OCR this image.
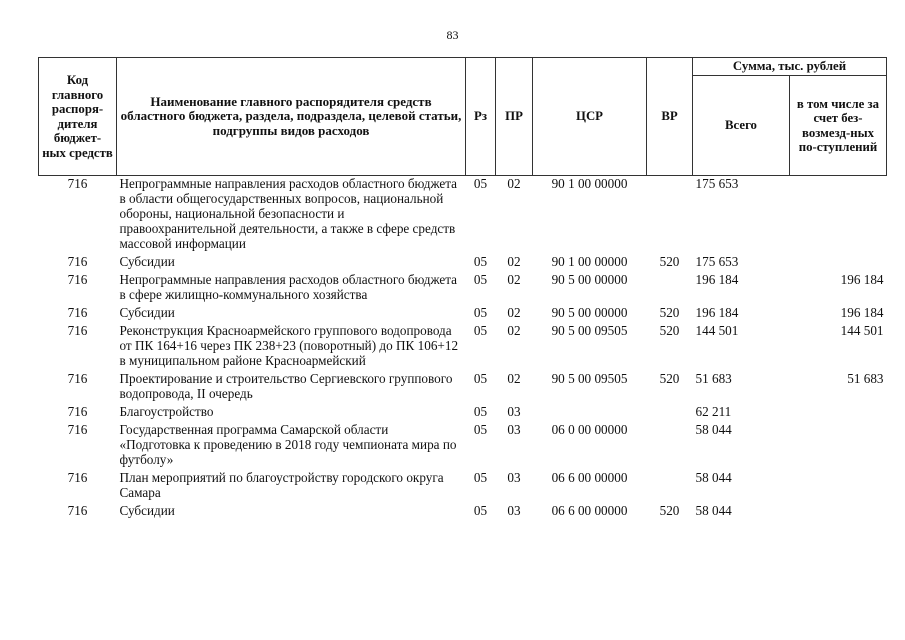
83
Код главного распоря-дителя бюджет-ных средств	Наименование главного распорядителя средств областного бюджета, раздела, подраздела, целевой статьи, подгруппы видов расходов	Рз	ПР	ЦСР	ВР	Сумма, тыс. рублей	
						Всего	в том числе за счет без-возмезд-ных по-ступлений
716	Непрограммные направления расходов областного бюджета в области общегосударственных вопросов, национальной обороны, национальной безопасности и правоохранительной деятельности, а также в сфере средств массовой информации	05	02	90 1 00 00000		175 653	
716	Субсидии	05	02	90 1 00 00000	520	175 653	
716	Непрограммные направления расходов областного бюджета в сфере жилищно-коммунального хозяйства	05	02	90 5 00 00000		196 184	196 184
716	Субсидии	05	02	90 5 00 00000	520	196 184	196 184
716	Реконструкция Красноармейского группового водопровода от ПК 164+16 через ПК 238+23 (поворотный) до ПК 106+12 в муниципальном районе Красноармейский	05	02	90 5 00 09505	520	144 501	144 501
716	Проектирование и строительство Сергиевского группового водопровода, II очередь	05	02	90 5 00 09505	520	51 683	51 683
716	Благоустройство	05	03			62 211	
716	Государственная программа Самарской области «Подготовка к проведению в 2018 году чемпионата мира по футболу»	05	03	06 0 00 00000		58 044	
716	План мероприятий по благоустройству городского округа Самара	05	03	06 6 00 00000		58 044	
716	Субсидии	05	03	06 6 00 00000	520	58 044	
